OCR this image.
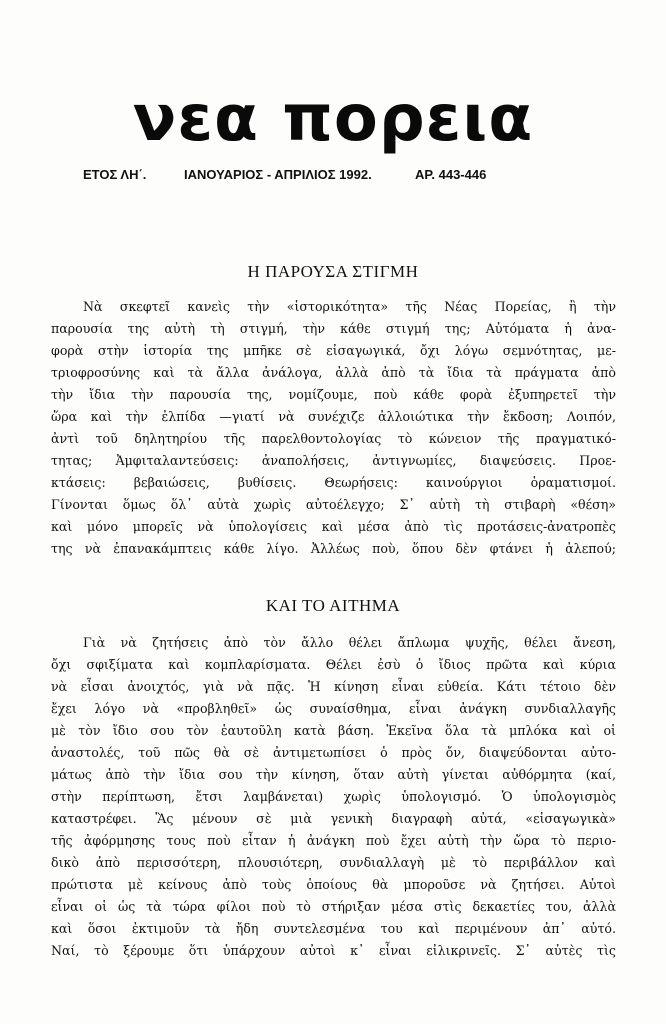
νεα πορεια
ΕΤΟΣ ΛΗ΄.	ΙΑΝΟΥΑΡΙΟΣ - ΑΠΡΙΛΙΟΣ 1992.	ΑΡ. 443-446
Η ΠΑΡΟΥΣΑ ΣΤΙΓΜΗ
Νὰ σκεφτεῖ κανεὶς τὴν «ἱστορικότητα» τῆς Νέας Πορείας, ἢ τὴν
παρουσία της αὐτὴ τὴ στιγμή, τὴν κάθε στιγμή της; Αὐτόματα ἡ ἀνα-
φορὰ στὴν ἱστορία της μπῆκε σὲ εἰσαγωγικά, ὄχι λόγω σεμνότητας, με-
τριοφροσύνης καὶ τὰ ἄλλα ἀνάλογα, ἀλλὰ ἀπὸ τὰ ἴδια τὰ πράγματα ἀπὸ
τὴν ἴδια τὴν παρουσία της, νομίζουμε, ποὺ κάθε φορὰ ἐξυπηρετεῖ τὴν
ὥρα καὶ τὴν ἐλπίδα —γιατί νὰ συνέχιζε ἀλλοιώτικα τὴν ἔκδοση; Λοιπόν,
ἀντὶ τοῦ δηλητηρίου τῆς παρελθοντολογίας τὸ κώνειον τῆς πραγματικό-
τητας; Ἀμφιταλαντεύσεις: ἀναπολήσεις, ἀντιγνωμίες, διαψεύσεις. Προε-
κτάσεις: βεβαιώσεις, βυθίσεις. Θεωρήσεις: καινούργιοι ὁραματισμοί.
Γίνονται ὅμως ὅλ᾽ αὐτὰ χωρὶς αὐτοέλεγχο; Σ᾽ αὐτὴ τὴ στιβαρὴ «θέση»
καὶ μόνο μπορεῖς νὰ ὑπολογίσεις καὶ μέσα ἀπὸ τὶς προτάσεις-ἀνατροπὲς
της νὰ ἐπανακάμπτεις κάθε λίγο. Ἀλλέως ποὺ, ὅπου δὲν φτάνει ἡ ἀλεπού;
ΚΑΙ ΤΟ ΑΙΤΗΜΑ
Γιὰ νὰ ζητήσεις ἀπὸ τὸν ἄλλο θέλει ἄπλωμα ψυχῆς, θέλει ἄνεση,
ὄχι σφιξίματα καὶ κομπλαρίσματα. Θέλει ἐσὺ ὁ ἴδιος πρῶτα καὶ κύρια
νὰ εἶσαι ἀνοιχτός, γιὰ νὰ πᾷς. Ἡ κίνηση εἶναι εὐθεία. Κάτι τέτοιο δὲν
ἔχει λόγο νὰ «προβληθεῖ» ὡς συναίσθημα, εἶναι ἀνάγκη συνδιαλλαγῆς
μὲ τὸν ἴδιο σου τὸν ἑαυτοῦλη κατὰ βάση. Ἐκεῖνα ὅλα τὰ μπλόκα καὶ οἱ
ἀναστολές, τοῦ πῶς θὰ σὲ ἀντιμετωπίσει ὁ πρὸς ὄν, διαψεύδονται αὐτο-
μάτως ἀπὸ τὴν ἴδια σου τὴν κίνηση, ὅταν αὐτὴ γίνεται αὐθόρμητα (καί,
στὴν περίπτωση, ἔτσι λαμβάνεται) χωρὶς ὑπολογισμό. Ὁ ὑπολογισμὸς
καταστρέφει. Ἂς μένουν σὲ μιὰ γενικὴ διαγραφὴ αὐτά, «εἰσαγωγικὰ»
τῆς ἀφόρμησης τους ποὺ εἶταν ἡ ἀνάγκη ποὺ ἔχει αὐτὴ τὴν ὥρα τὸ περιο-
δικὸ ἀπὸ περισσότερη, πλουσιότερη, συνδιαλλαγὴ μὲ τὸ περιβάλλον καὶ
πρώτιστα μὲ κείνους ἀπὸ τοὺς ὁποίους θὰ μποροῦσε νὰ ζητήσει. Αὐτοὶ
εἶναι οἱ ὡς τὰ τώρα φίλοι ποὺ τὸ στήριξαν μέσα στὶς δεκαετίες του, ἀλλὰ
καὶ ὅσοι ἐκτιμοῦν τὰ ἤδη συντελεσμένα του καὶ περιμένουν ἀπ᾽ αὐτό.
Ναί, τὸ ξέρουμε ὅτι ὑπάρχουν αὐτοὶ κ᾽ εἶναι εἰλικρινεῖς. Σ᾽ αὐτὲς τὶς
